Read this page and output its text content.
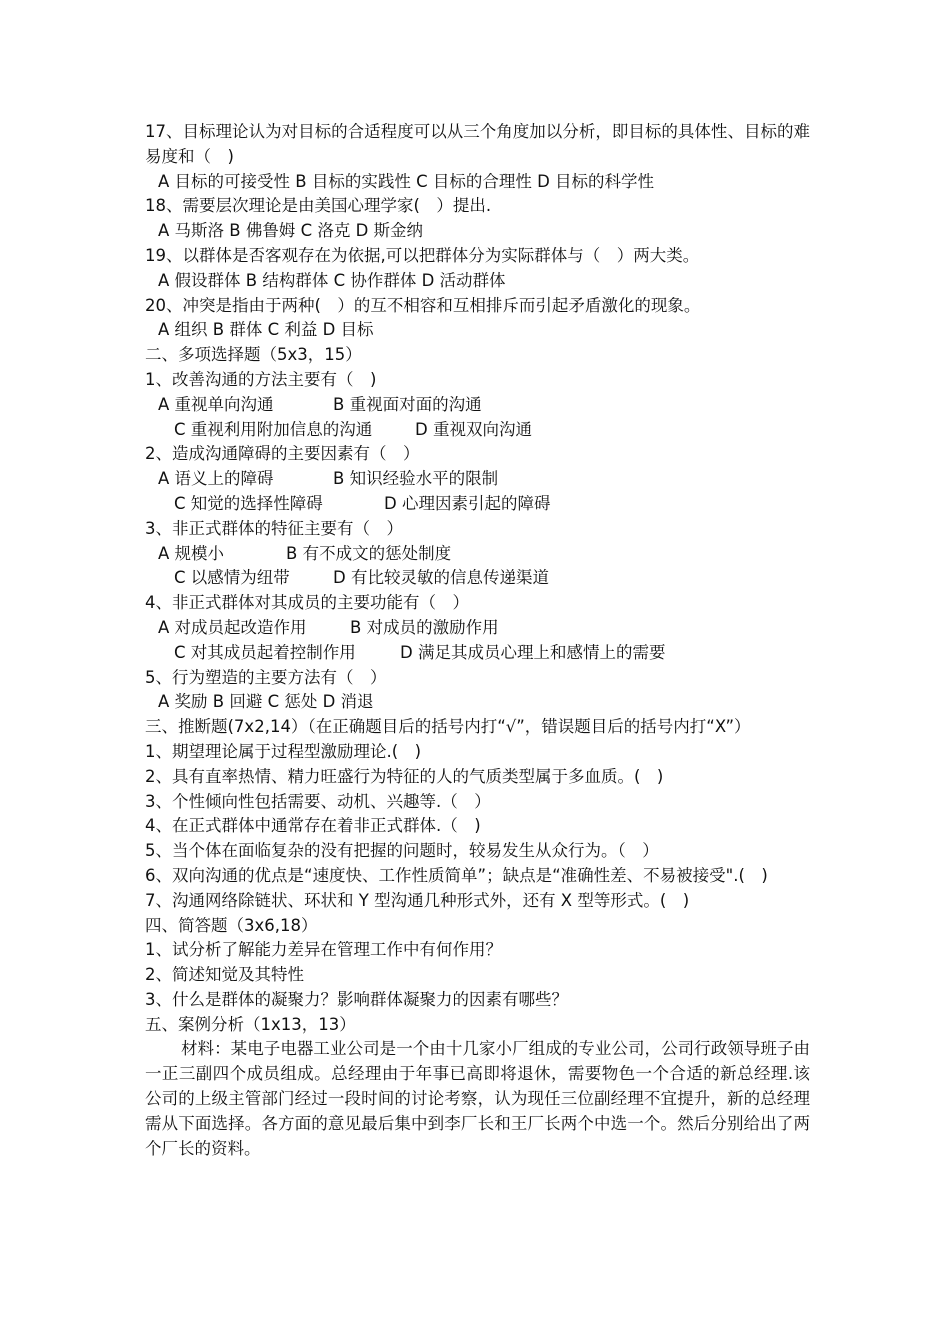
17、目标理论认为对目标的合适程度可以从三个角度加以分析，即目标的具体性、目标的难易度和（　)
A 目标的可接受性 B 目标的实践性 C 目标的合理性 D 目标的科学性
18、需要层次理论是由美国心理学家(　）提出.
A 马斯洛 B 佛鲁姆 C 洛克 D 斯金纳
19、以群体是否客观存在为依据,可以把群体分为实际群体与（　）两大类。
A 假设群体 B 结构群体 C 协作群体 D 活动群体
20、冲突是指由于两种(　）的互不相容和互相排斥而引起矛盾激化的现象。
A 组织 B 群体 C 利益 D 目标
二、多项选择题（5x3，15）
1、改善沟通的方法主要有（　)
A 重视单向沟通	B 重视面对面的沟通
C 重视利用附加信息的沟通	D 重视双向沟通
2、造成沟通障碍的主要因素有（　）
A 语义上的障碍	B 知识经验水平的限制
C 知觉的选择性障碍	D 心理因素引起的障碍
3、非正式群体的特征主要有（　）
A 规模小	B 有不成文的惩处制度
C 以感情为纽带	D 有比较灵敏的信息传递渠道
4、非正式群体对其成员的主要功能有（　）
A 对成员起改造作用	B 对成员的激励作用
C 对其成员起着控制作用	D 满足其成员心理上和感情上的需要
5、行为塑造的主要方法有（　）
A 奖励 B 回避 C 惩处 D 消退
三、推断题(7x2,14）（在正确题目后的括号内打“√”，错误题目后的括号内打“X”）
1、期望理论属于过程型激励理论.(　)
2、具有直率热情、精力旺盛行为特征的人的气质类型属于多血质。(　)
3、个性倾向性包括需要、动机、兴趣等.（　）
4、在正式群体中通常存在着非正式群体.（　)
5、当个体在面临复杂的没有把握的问题时，较易发生从众行为。（　）
6、双向沟通的优点是“速度快、工作性质简单”；缺点是“准确性差、不易被接受".(　)
7、沟通网络除链状、环状和 Y 型沟通几种形式外，还有 X 型等形式。(　)
四、简答题（3x6,18）
1、试分析了解能力差异在管理工作中有何作用？
2、简述知觉及其特性
3、什么是群体的凝聚力？影响群体凝聚力的因素有哪些？
五、案例分析（1x13，13）
材料：某电子电器工业公司是一个由十几家小厂组成的专业公司，公司行政领导班子由一正三副四个成员组成。总经理由于年事已高即将退休，需要物色一个合适的新总经理.该公司的上级主管部门经过一段时间的讨论考察，认为现任三位副经理不宜提升，新的总经理需从下面选择。各方面的意见最后集中到李厂长和王厂长两个中选一个。然后分别给出了两个厂长的资料。
